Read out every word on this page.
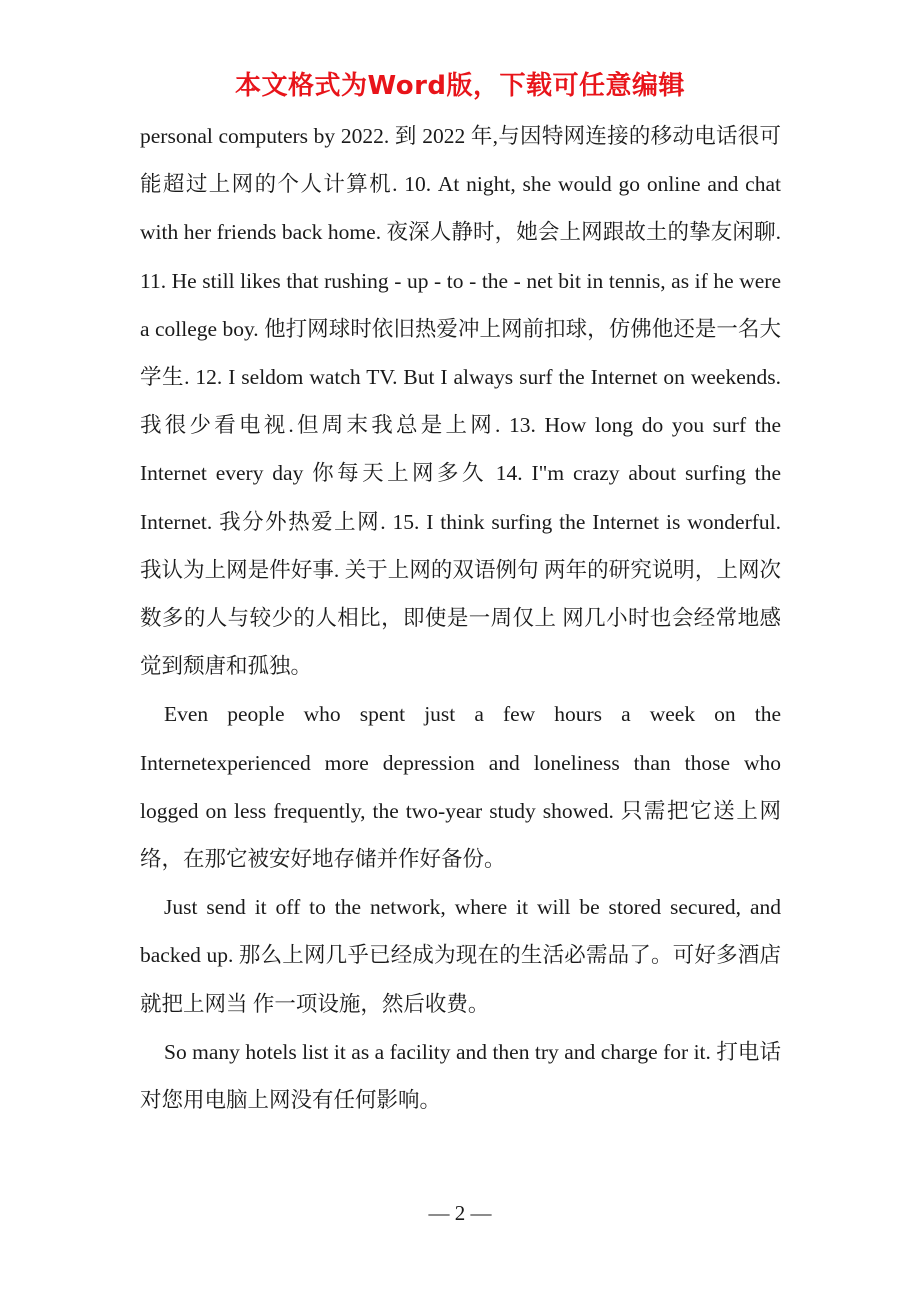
本文格式为Word版，下载可任意编辑

personal computers by 2022. 到 2022 年,与因特网连接的移动电话很可能超过上网的个人计算机. 10. At night, she would go online and chat with her friends back home. 夜深人静时，她会上网跟故土的挚友闲聊. 11. He still likes that rushing - up - to - the - net bit in tennis, as if he were a college boy. 他打网球时依旧热爱冲上网前扣球，仿佛他还是一名大学生. 12. I seldom watch TV. But I always surf the Internet on weekends. 我很少看电视.但周末我总是上网. 13. How long do you surf the Internet every day 你每天上网多久 14. I"m crazy about surfing the Internet. 我分外热爱上网. 15. I think surfing the Internet is wonderful. 我认为上网是件好事. 关于上网的双语例句 两年的研究说明，上网次数多的人与较少的人相比，即使是一周仅上 网几小时也会经常地感觉到颓唐和孤独。

Even people who spent just a few hours a week on the Internetexperienced more depression and loneliness than those who logged on less frequently, the two-year study showed. 只需把它送上网络，在那它被安好地存储并作好备份。

Just send it off to the network, where it will be stored secured, and backed up. 那么上网几乎已经成为现在的生活必需品了。可好多酒店就把上网当 作一项设施，然后收费。

So many hotels list it as a facility and then try and charge for it. 打电话对您用电脑上网没有任何影响。

— 2 —
